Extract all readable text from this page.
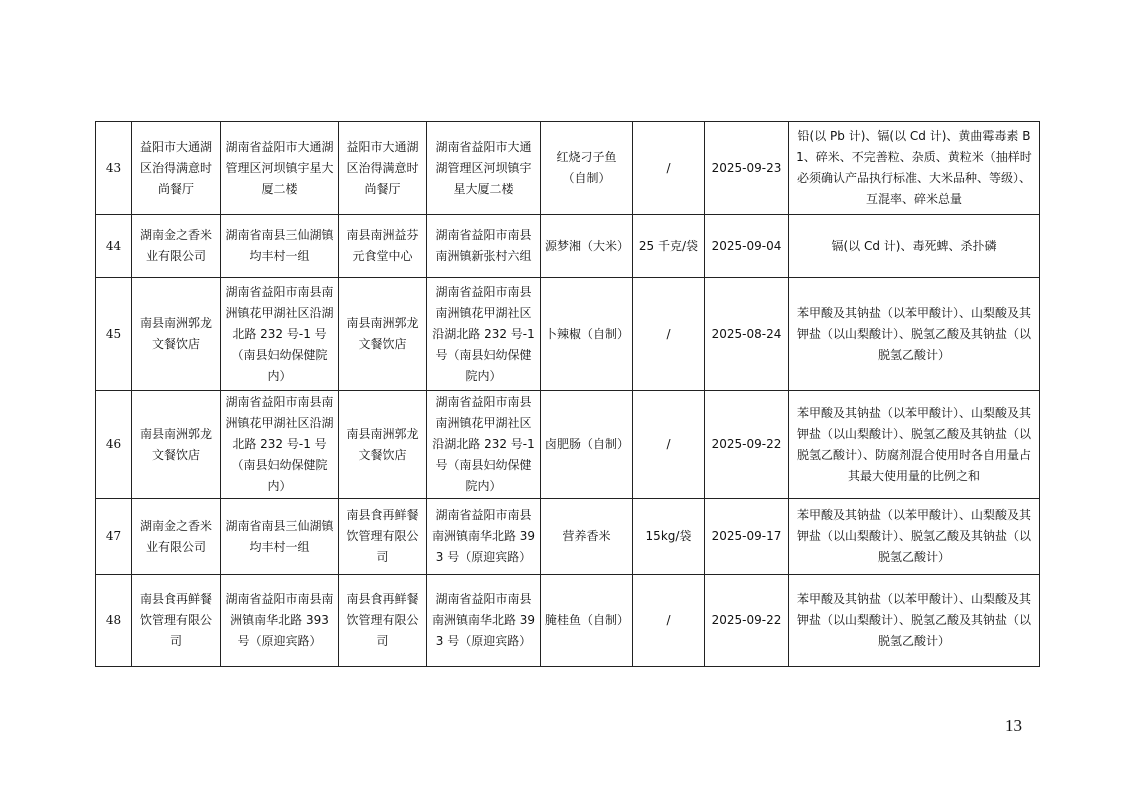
43	益阳市大通湖区治得满意时尚餐厅	湖南省益阳市大通湖管理区河坝镇宇星大厦二楼	益阳市大通湖区治得满意时尚餐厅	湖南省益阳市大通湖管理区河坝镇宇星大厦二楼	红烧刁子鱼（自制）	/	2025-09-23	铅(以 Pb 计)、镉(以 Cd 计)、黄曲霉毒素 B1、碎米、不完善粒、杂质、黄粒米（抽样时必须确认产品执行标准、大米品种、等级）、互混率、碎米总量
44	湖南金之香米业有限公司	湖南省南县三仙湖镇均丰村一组	南县南洲益芬元食堂中心	湖南省益阳市南县南洲镇新张村六组	源梦湘（大米）	25 千克/袋	2025-09-04	镉(以 Cd 计)、毒死蜱、杀扑磷
45	南县南洲郭龙文餐饮店	湖南省益阳市南县南洲镇花甲湖社区沿湖北路 232 号-1 号（南县妇幼保健院内）	南县南洲郭龙文餐饮店	湖南省益阳市南县南洲镇花甲湖社区沿湖北路 232 号-1 号（南县妇幼保健院内）	卜辣椒（自制）	/	2025-08-24	苯甲酸及其钠盐（以苯甲酸计）、山梨酸及其钾盐（以山梨酸计）、脱氢乙酸及其钠盐（以脱氢乙酸计）
46	南县南洲郭龙文餐饮店	湖南省益阳市南县南洲镇花甲湖社区沿湖北路 232 号-1 号（南县妇幼保健院内）	南县南洲郭龙文餐饮店	湖南省益阳市南县南洲镇花甲湖社区沿湖北路 232 号-1 号（南县妇幼保健院内）	卤肥肠（自制）	/	2025-09-22	苯甲酸及其钠盐（以苯甲酸计）、山梨酸及其钾盐（以山梨酸计）、脱氢乙酸及其钠盐（以脱氢乙酸计）、防腐剂混合使用时各自用量占其最大使用量的比例之和
47	湖南金之香米业有限公司	湖南省南县三仙湖镇均丰村一组	南县食再鲜餐饮管理有限公司	湖南省益阳市南县南洲镇南华北路 393 号（原迎宾路）	营养香米	15kg/袋	2025-09-17	苯甲酸及其钠盐（以苯甲酸计）、山梨酸及其钾盐（以山梨酸计）、脱氢乙酸及其钠盐（以脱氢乙酸计）
48	南县食再鲜餐饮管理有限公司	湖南省益阳市南县南洲镇南华北路 393 号（原迎宾路）	南县食再鲜餐饮管理有限公司	湖南省益阳市南县南洲镇南华北路 393 号（原迎宾路）	腌桂鱼（自制）	/	2025-09-22	苯甲酸及其钠盐（以苯甲酸计）、山梨酸及其钾盐（以山梨酸计）、脱氢乙酸及其钠盐（以脱氢乙酸计）
13
